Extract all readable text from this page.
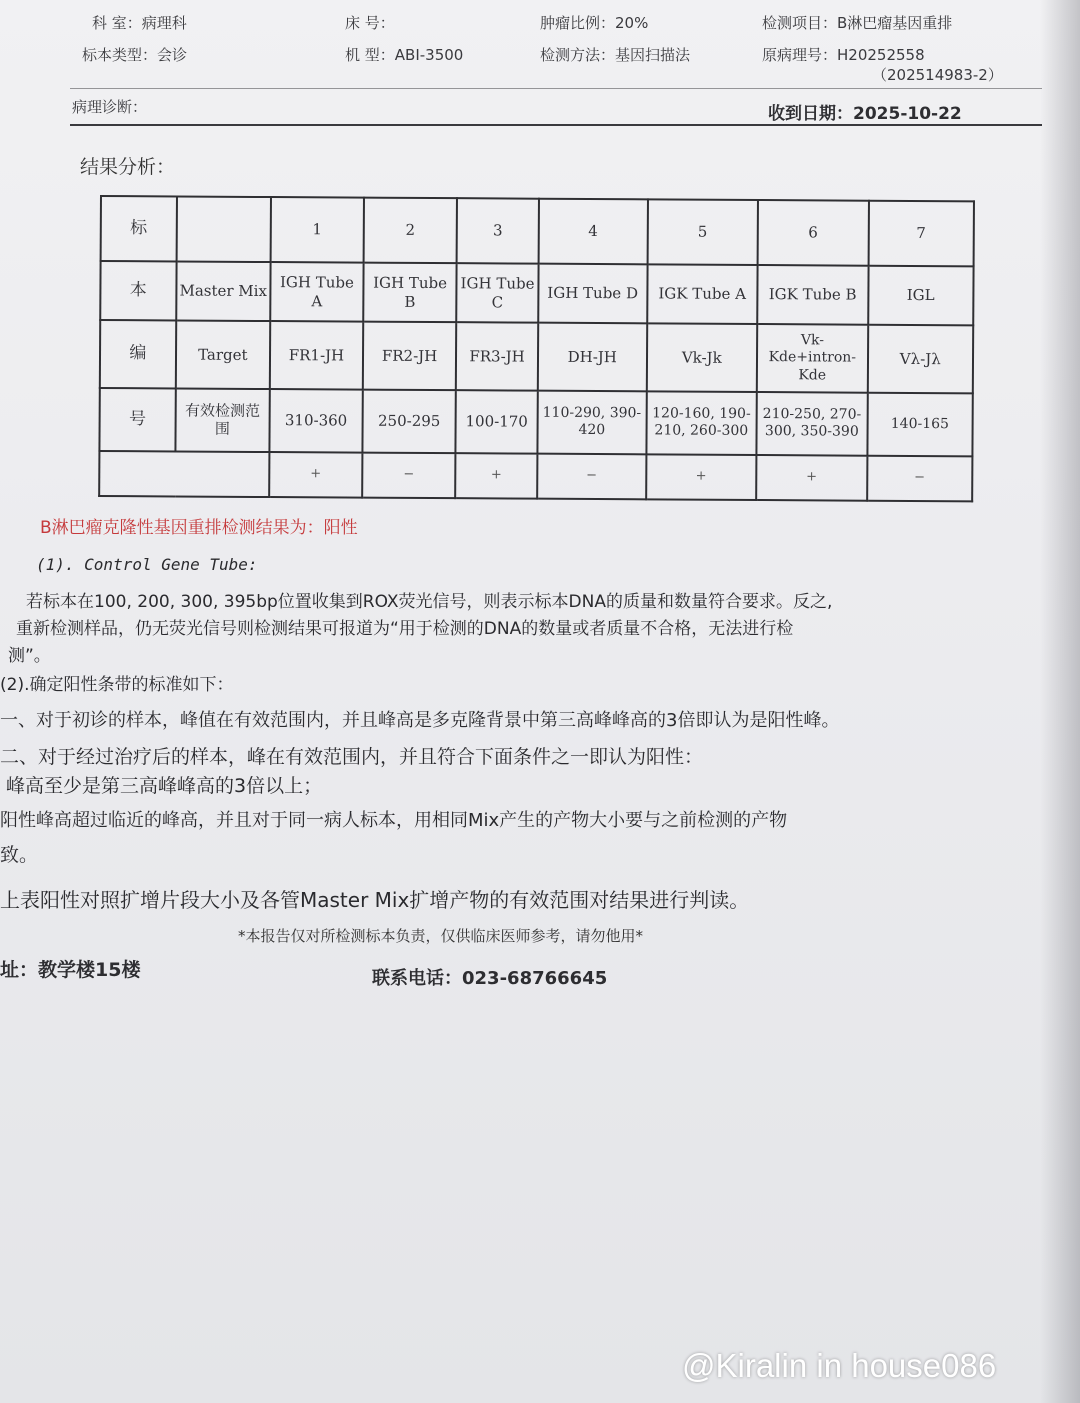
科 室：病理科	床 号：	肿瘤比例：20%	检测项目：B淋巴瘤基因重排
标本类型：会诊	机 型：ABI-3500	检测方法：基因扫描法	原病理号：H20252558
（202514983-2）
病理诊断：	收到日期：2025-10-22
结果分析：
标		1	2	3	4	5	6	7
本	Master Mix	IGH Tube A	IGH Tube B	IGH Tube C	IGH Tube D	IGK Tube A	IGK Tube B	IGL
编	Target	FR1-JH	FR2-JH	FR3-JH	DH-JH	Vk-Jk	Vk-Kde+intron-Kde	Vλ-Jλ
号	有效检测范围	310-360	250-295	100-170	110-290, 390-420	120-160, 190-210, 260-300	210-250, 270-300, 350-390	140-165
		+	−	+	−	+	+	−
B淋巴瘤克隆性基因重排检测结果为：阳性
(1). Control Gene Tube:
若标本在100, 200, 300, 395bp位置收集到ROX荧光信号，则表示标本DNA的质量和数量符合要求。反之,
重新检测样品，仍无荧光信号则检测结果可报道为“用于检测的DNA的数量或者质量不合格，无法进行检
测”。
(2).确定阳性条带的标准如下：
一、对于初诊的样本，峰值在有效范围内，并且峰高是多克隆背景中第三高峰峰高的3倍即认为是阳性峰。
二、对于经过治疗后的样本，峰在有效范围内，并且符合下面条件之一即认为阳性：
峰高至少是第三高峰峰高的3倍以上；
阳性峰高超过临近的峰高，并且对于同一病人标本，用相同Mix产生的产物大小要与之前检测的产物
致。
上表阳性对照扩增片段大小及各管Master Mix扩增产物的有效范围对结果进行判读。
*本报告仅对所检测标本负责，仅供临床医师参考，请勿他用*
址：教学楼15楼	联系电话：023-68766645
@Kiralin in house086
